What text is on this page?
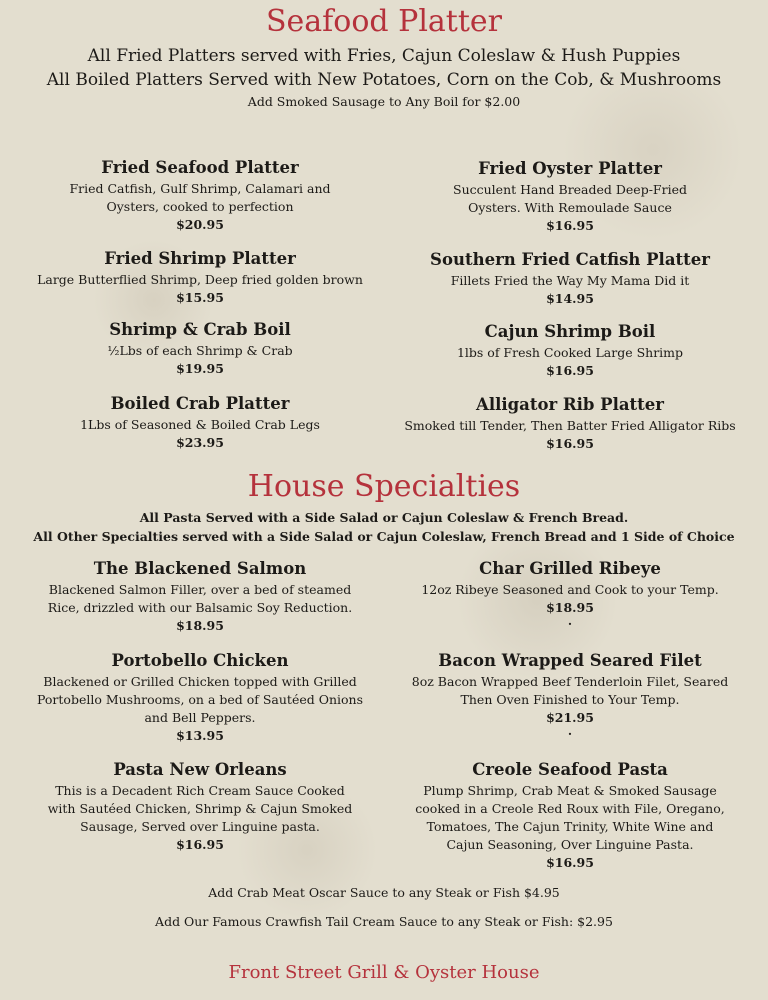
Seafood Platter

All Fried Platters served with Fries, Cajun Coleslaw & Hush Puppies

All Boiled Platters Served with New Potatoes, Corn on the Cob, & Mushrooms

Add Smoked Sausage to Any Boil for $2.00

Fried Seafood Platter

Fried Catfish, Gulf Shrimp, Calamari and Oysters, cooked to perfection

$20.95

Fried Shrimp Platter

Large Butterflied Shrimp, Deep fried golden brown

$15.95

Shrimp & Crab Boil

½Lbs of each Shrimp & Crab

$19.95

Boiled Crab Platter

1Lbs of Seasoned & Boiled Crab Legs

$23.95

Fried Oyster Platter

Succulent Hand Breaded Deep-Fried Oysters. With Remoulade Sauce

$16.95

Southern Fried Catfish Platter

Fillets Fried the Way My Mama Did it

$14.95

Cajun Shrimp Boil

1lbs of Fresh Cooked Large Shrimp

$16.95

Alligator Rib Platter

Smoked till Tender, Then Batter Fried Alligator Ribs

$16.95

House Specialties

All Pasta Served with a Side Salad or Cajun Coleslaw & French Bread.

All Other Specialties served with a Side Salad or Cajun Coleslaw, French Bread and 1 Side of Choice

The Blackened Salmon

Blackened Salmon Filler, over a bed of steamed Rice, drizzled with our Balsamic Soy Reduction.

$18.95

Portobello Chicken

Blackened or Grilled Chicken topped with Grilled Portobello Mushrooms, on a bed of Sautéed Onions and Bell Peppers.

$13.95

Pasta New Orleans

This is a Decadent Rich Cream Sauce Cooked with Sautéed Chicken, Shrimp & Cajun Smoked Sausage, Served over Linguine pasta.

$16.95

Char Grilled Ribeye

12oz Ribeye Seasoned and Cook to your Temp.

$18.95

.

Bacon Wrapped Seared Filet

8oz Bacon Wrapped Beef Tenderloin Filet, Seared Then Oven Finished to Your Temp.

$21.95

.

Creole Seafood Pasta

Plump Shrimp, Crab Meat & Smoked Sausage cooked in a Creole Red Roux with File, Oregano, Tomatoes, The Cajun Trinity, White Wine and Cajun Seasoning, Over Linguine Pasta.

$16.95

Add Crab Meat Oscar Sauce to any Steak or Fish $4.95

Add Our Famous Crawfish Tail Cream Sauce to any Steak or Fish: $2.95

Front Street Grill & Oyster House
